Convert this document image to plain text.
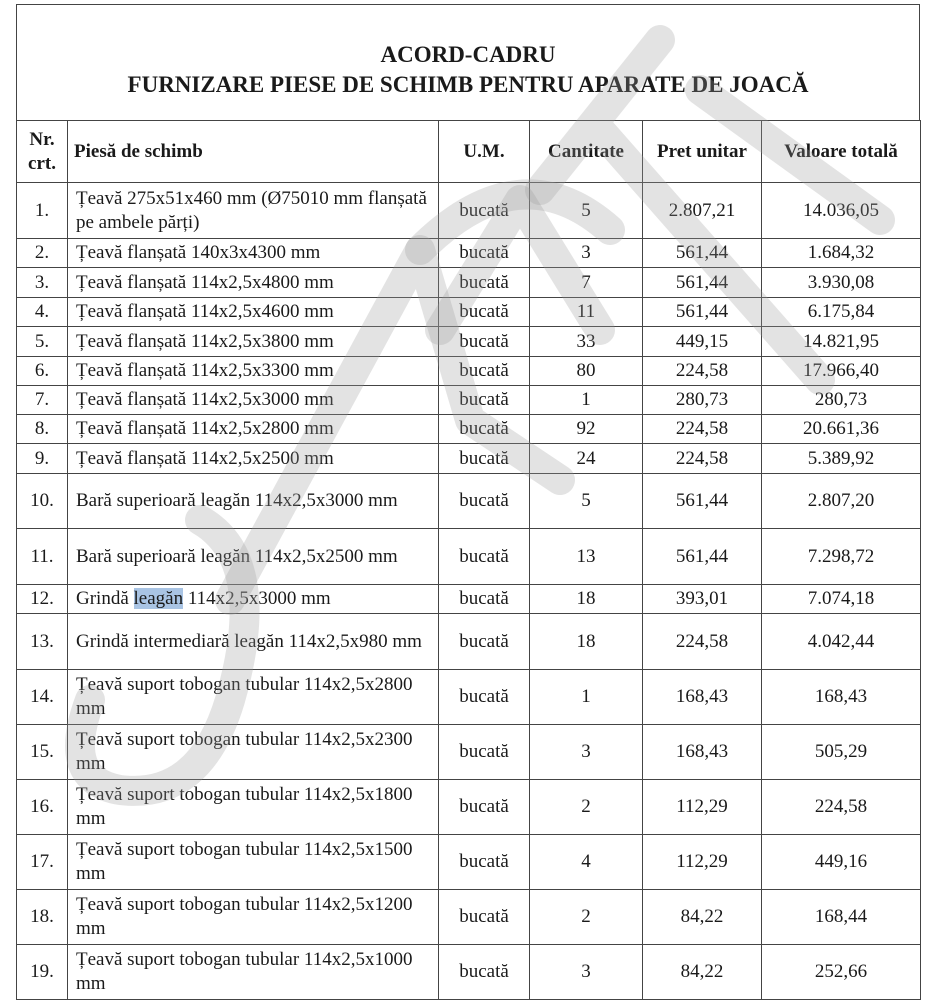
ACORD-CADRU
FURNIZARE PIESE DE SCHIMB PENTRU APARATE DE JOACĂ
Nr. crt.	Piesă de schimb	U.M.	Cantitate	Pret unitar	Valoare totală
1.	Țeavă 275x51x460 mm (Ø75010 mm flanșată pe ambele părți)	bucată	5	2.807,21	14.036,05
2.	Țeavă flanșată 140x3x4300 mm	bucată	3	561,44	1.684,32
3.	Țeavă flanșată 114x2,5x4800 mm	bucată	7	561,44	3.930,08
4.	Țeavă flanșată 114x2,5x4600 mm	bucată	11	561,44	6.175,84
5.	Țeavă flanșată 114x2,5x3800 mm	bucată	33	449,15	14.821,95
6.	Țeavă flanșată 114x2,5x3300 mm	bucată	80	224,58	17.966,40
7.	Țeavă flanșată 114x2,5x3000 mm	bucată	1	280,73	280,73
8.	Țeavă flanșată 114x2,5x2800 mm	bucată	92	224,58	20.661,36
9.	Țeavă flanșată 114x2,5x2500 mm	bucată	24	224,58	5.389,92
10.	Bară superioară leagăn 114x2,5x3000 mm	bucată	5	561,44	2.807,20
11.	Bară superioară leagăn 114x2,5x2500 mm	bucată	13	561,44	7.298,72
12.	Grindă leagăn 114x2,5x3000 mm	bucată	18	393,01	7.074,18
13.	Grindă intermediară leagăn 114x2,5x980 mm	bucată	18	224,58	4.042,44
14.	Țeavă suport tobogan tubular 114x2,5x2800 mm	bucată	1	168,43	168,43
15.	Țeavă suport tobogan tubular 114x2,5x2300 mm	bucată	3	168,43	505,29
16.	Țeavă suport tobogan tubular 114x2,5x1800 mm	bucată	2	112,29	224,58
17.	Țeavă suport tobogan tubular 114x2,5x1500 mm	bucată	4	112,29	449,16
18.	Țeavă suport tobogan tubular 114x2,5x1200 mm	bucată	2	84,22	168,44
19.	Țeavă suport tobogan tubular 114x2,5x1000 mm	bucată	3	84,22	252,66
